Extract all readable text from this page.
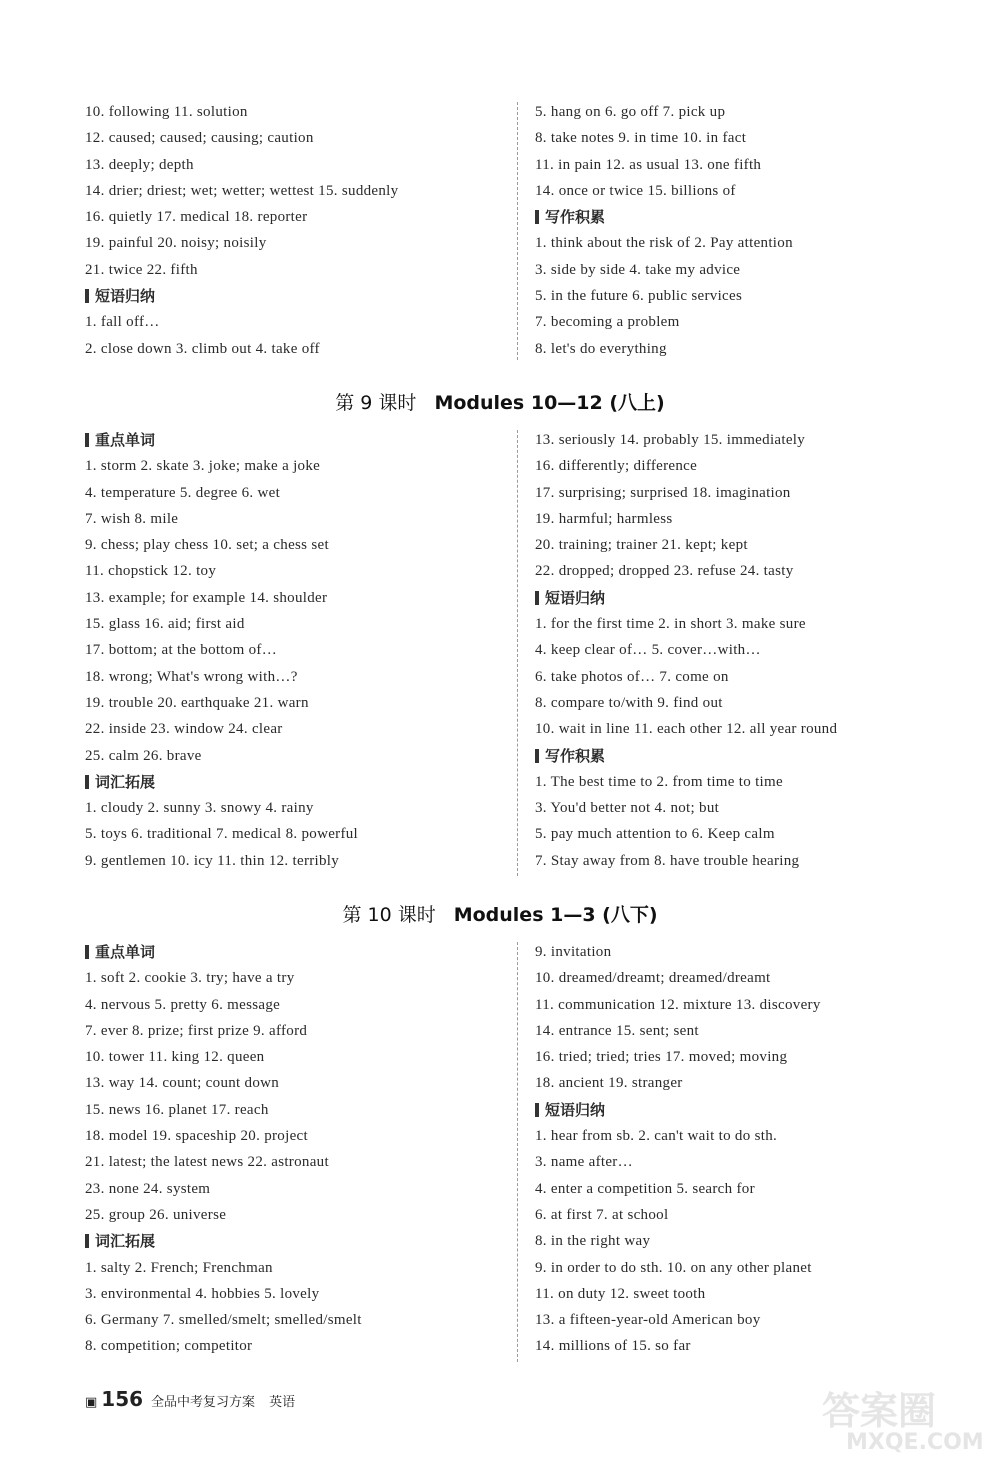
10. following 11. solution
12. caused; caused; causing; caution
13. deeply; depth
14. drier; driest; wet; wetter; wettest 15. suddenly
16. quietly 17. medical 18. reporter
19. painful 20. noisy; noisily
21. twice 22. fifth
短语归纳
1. fall off…
2. close down 3. climb out 4. take off
5. hang on 6. go off 7. pick up
8. take notes 9. in time 10. in fact
11. in pain 12. as usual 13. one fifth
14. once or twice 15. billions of
写作积累
1. think about the risk of 2. Pay attention
3. side by side 4. take my advice
5. in the future 6. public services
7. becoming a problem
8. let's do everything
第 9 课时 Modules 10—12 (八上)
重点单词
1. storm 2. skate 3. joke; make a joke
4. temperature 5. degree 6. wet
7. wish 8. mile
9. chess; play chess 10. set; a chess set
11. chopstick 12. toy
13. example; for example 14. shoulder
15. glass 16. aid; first aid
17. bottom; at the bottom of…
18. wrong; What's wrong with…?
19. trouble 20. earthquake 21. warn
22. inside 23. window 24. clear
25. calm 26. brave
词汇拓展
1. cloudy 2. sunny 3. snowy 4. rainy
5. toys 6. traditional 7. medical 8. powerful
9. gentlemen 10. icy 11. thin 12. terribly
13. seriously 14. probably 15. immediately
16. differently; difference
17. surprising; surprised 18. imagination
19. harmful; harmless
20. training; trainer 21. kept; kept
22. dropped; dropped 23. refuse 24. tasty
短语归纳
1. for the first time 2. in short 3. make sure
4. keep clear of… 5. cover…with…
6. take photos of… 7. come on
8. compare to/with 9. find out
10. wait in line 11. each other 12. all year round
写作积累
1. The best time to 2. from time to time
3. You'd better not 4. not; but
5. pay much attention to 6. Keep calm
7. Stay away from 8. have trouble hearing
第 10 课时 Modules 1—3 (八下)
重点单词
1. soft 2. cookie 3. try; have a try
4. nervous 5. pretty 6. message
7. ever 8. prize; first prize 9. afford
10. tower 11. king 12. queen
13. way 14. count; count down
15. news 16. planet 17. reach
18. model 19. spaceship 20. project
21. latest; the latest news 22. astronaut
23. none 24. system
25. group 26. universe
词汇拓展
1. salty 2. French; Frenchman
3. environmental 4. hobbies 5. lovely
6. Germany 7. smelled/smelt; smelled/smelt
8. competition; competitor
9. invitation
10. dreamed/dreamt; dreamed/dreamt
11. communication 12. mixture 13. discovery
14. entrance 15. sent; sent
16. tried; tried; tries 17. moved; moving
18. ancient 19. stranger
短语归纳
1. hear from sb. 2. can't wait to do sth.
3. name after…
4. enter a competition 5. search for
6. at first 7. at school
8. in the right way
9. in order to do sth. 10. on any other planet
11. on duty 12. sweet tooth
13. a fifteen-year-old American boy
14. millions of 15. so far
▣ 156 全品中考复习方案 英语	答案圈
MXQE.COM
